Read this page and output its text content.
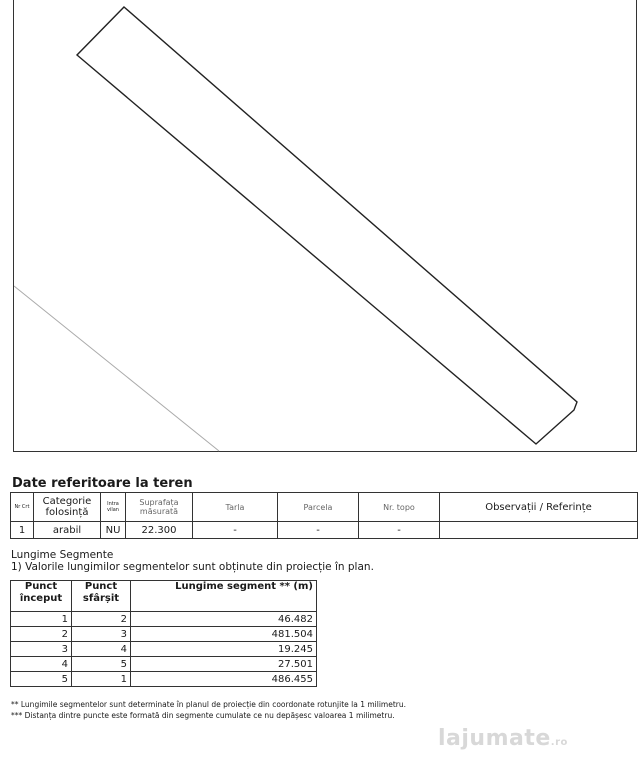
Date referitoare la teren
Nr Crt	Categorie folosință	Intra vilan	Suprafața măsurată	Tarla	Parcela	Nr. topo	Observații / Referințe
1	arabil	NU	22.300	-	-	-	
Lungime Segmente
1) Valorile lungimilor segmentelor sunt obținute din proiecție în plan.
Punct început	Punct sfârșit	Lungime segment ** (m)
1	2	46.482
2	3	481.504
3	4	19.245
4	5	27.501
5	1	486.455
** Lungimile segmentelor sunt determinate în planul de proiecție din coordonate rotunjite la 1 milimetru.
*** Distanța dintre puncte este formată din segmente cumulate ce nu depășesc valoarea 1 milimetru.
lajumate.ro
